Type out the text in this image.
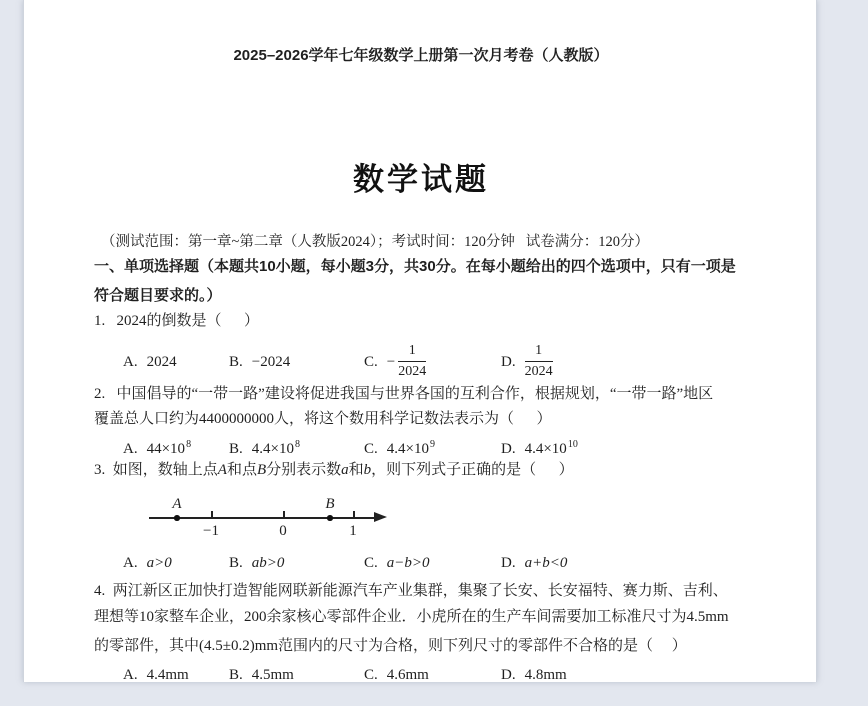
2025–2026学年七年级数学上册第一次月考卷（人教版）
数学试题
（测试范围：第一章~第二章（人教版2024）；考试时间：120分钟   试卷满分：120分）
一、单项选择题（本题共10小题，每小题3分，共30分。在每小题给出的四个选项中，只有一项是
符合题目要求的。）
1.   2024的倒数是（      ）
A. 2024	B. −2024	C. − $\frac{1}{2024}$	D. $\frac{1}{2024}$
2.   中国倡导的“一带一路”建设将促进我国与世界各国的互利合作，根据规划，“一带一路”地区
覆盖总人口约为4400000000人，将这个数用科学记数法表示为（      ）
A. $44\times 10^8$	B. $4.4\times 10^8$	C. $4.4\times 10^9$	D. $4.4\times 10^{10}$
3.  如图，数轴上点A和点B分别表示数a和b，则下列式子正确的是（      ）
A	B
−1	0	1
A. a>0	B. ab>0	C. a−b>0	D. a+b<0
4.  两江新区正加快打造智能网联新能源汽车产业集群，集聚了长安、长安福特、赛力斯、吉利、
理想等10家整车企业，200余家核心零部件企业．小虎所在的生产车间需要加工标准尺寸为4.5mm
的零部件，其中(4.5±0.2)mm范围内的尺寸为合格，则下列尺寸的零部件不合格的是（     ）
A. 4.4mm	B. 4.5mm	C. 4.6mm	D. 4.8mm
